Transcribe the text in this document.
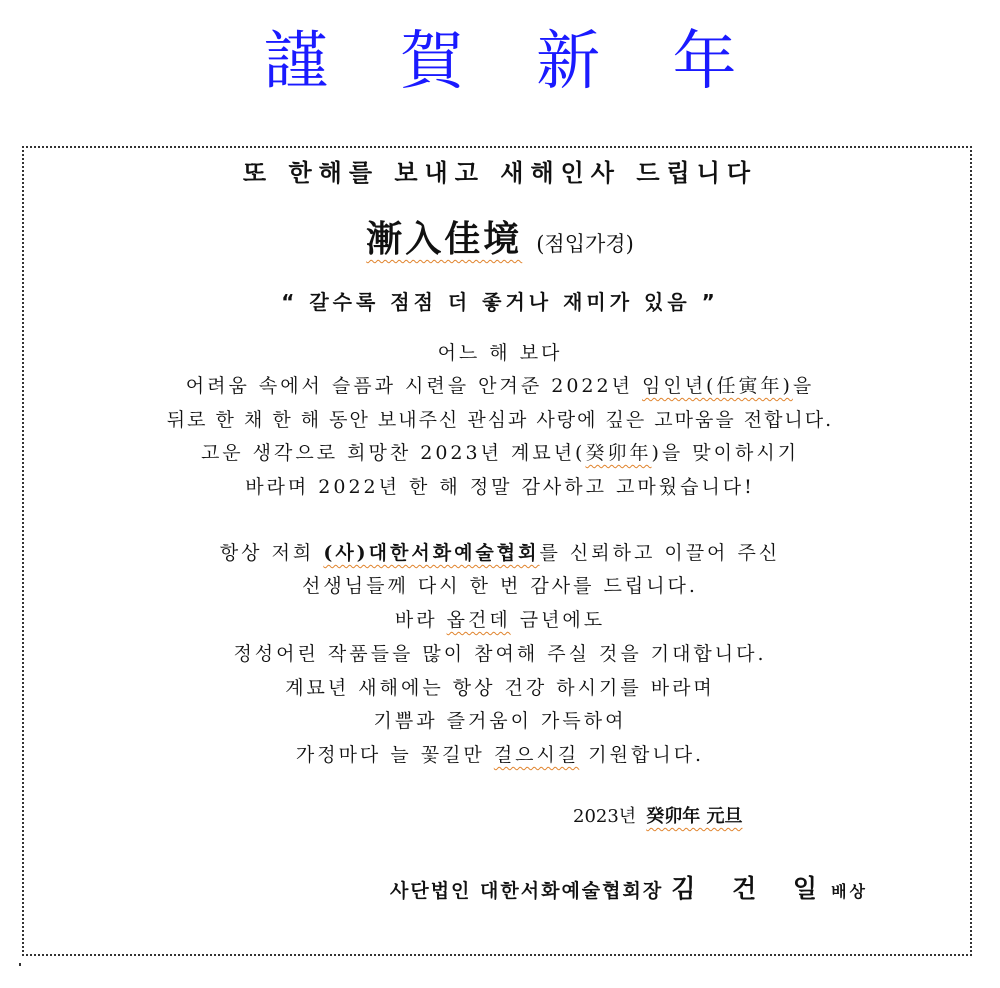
謹 賀 新 年
또 한해를 보내고 새해인사 드립니다
漸入佳境 (점입가경)
“ 갈수록 점점 더 좋거나 재미가 있음 ”
어느 해 보다
어려움 속에서 슬픔과 시련을 안겨준 2022년 임인년(任寅年)을
뒤로 한 채 한 해 동안 보내주신 관심과 사랑에 깊은 고마움을 전합니다.
고운 생각으로 희망찬 2023년 계묘년(癸卯年)을 맞이하시기
바라며 2022년 한 해 정말 감사하고 고마웠습니다!
항상 저희 (사)대한서화예술협회를 신뢰하고 이끌어 주신
선생님들께 다시 한 번 감사를 드립니다.
바라 옵건데 금년에도
정성어린 작품들을 많이 참여해 주실 것을 기대합니다.
계묘년 새해에는 항상 건강 하시기를 바라며
기쁨과 즐거움이 가득하여
가정마다 늘 꽃길만 걸으시길 기원합니다.
2023년 癸卯年 元旦
사단법인 대한서화예술협회장 김 건 일배상
